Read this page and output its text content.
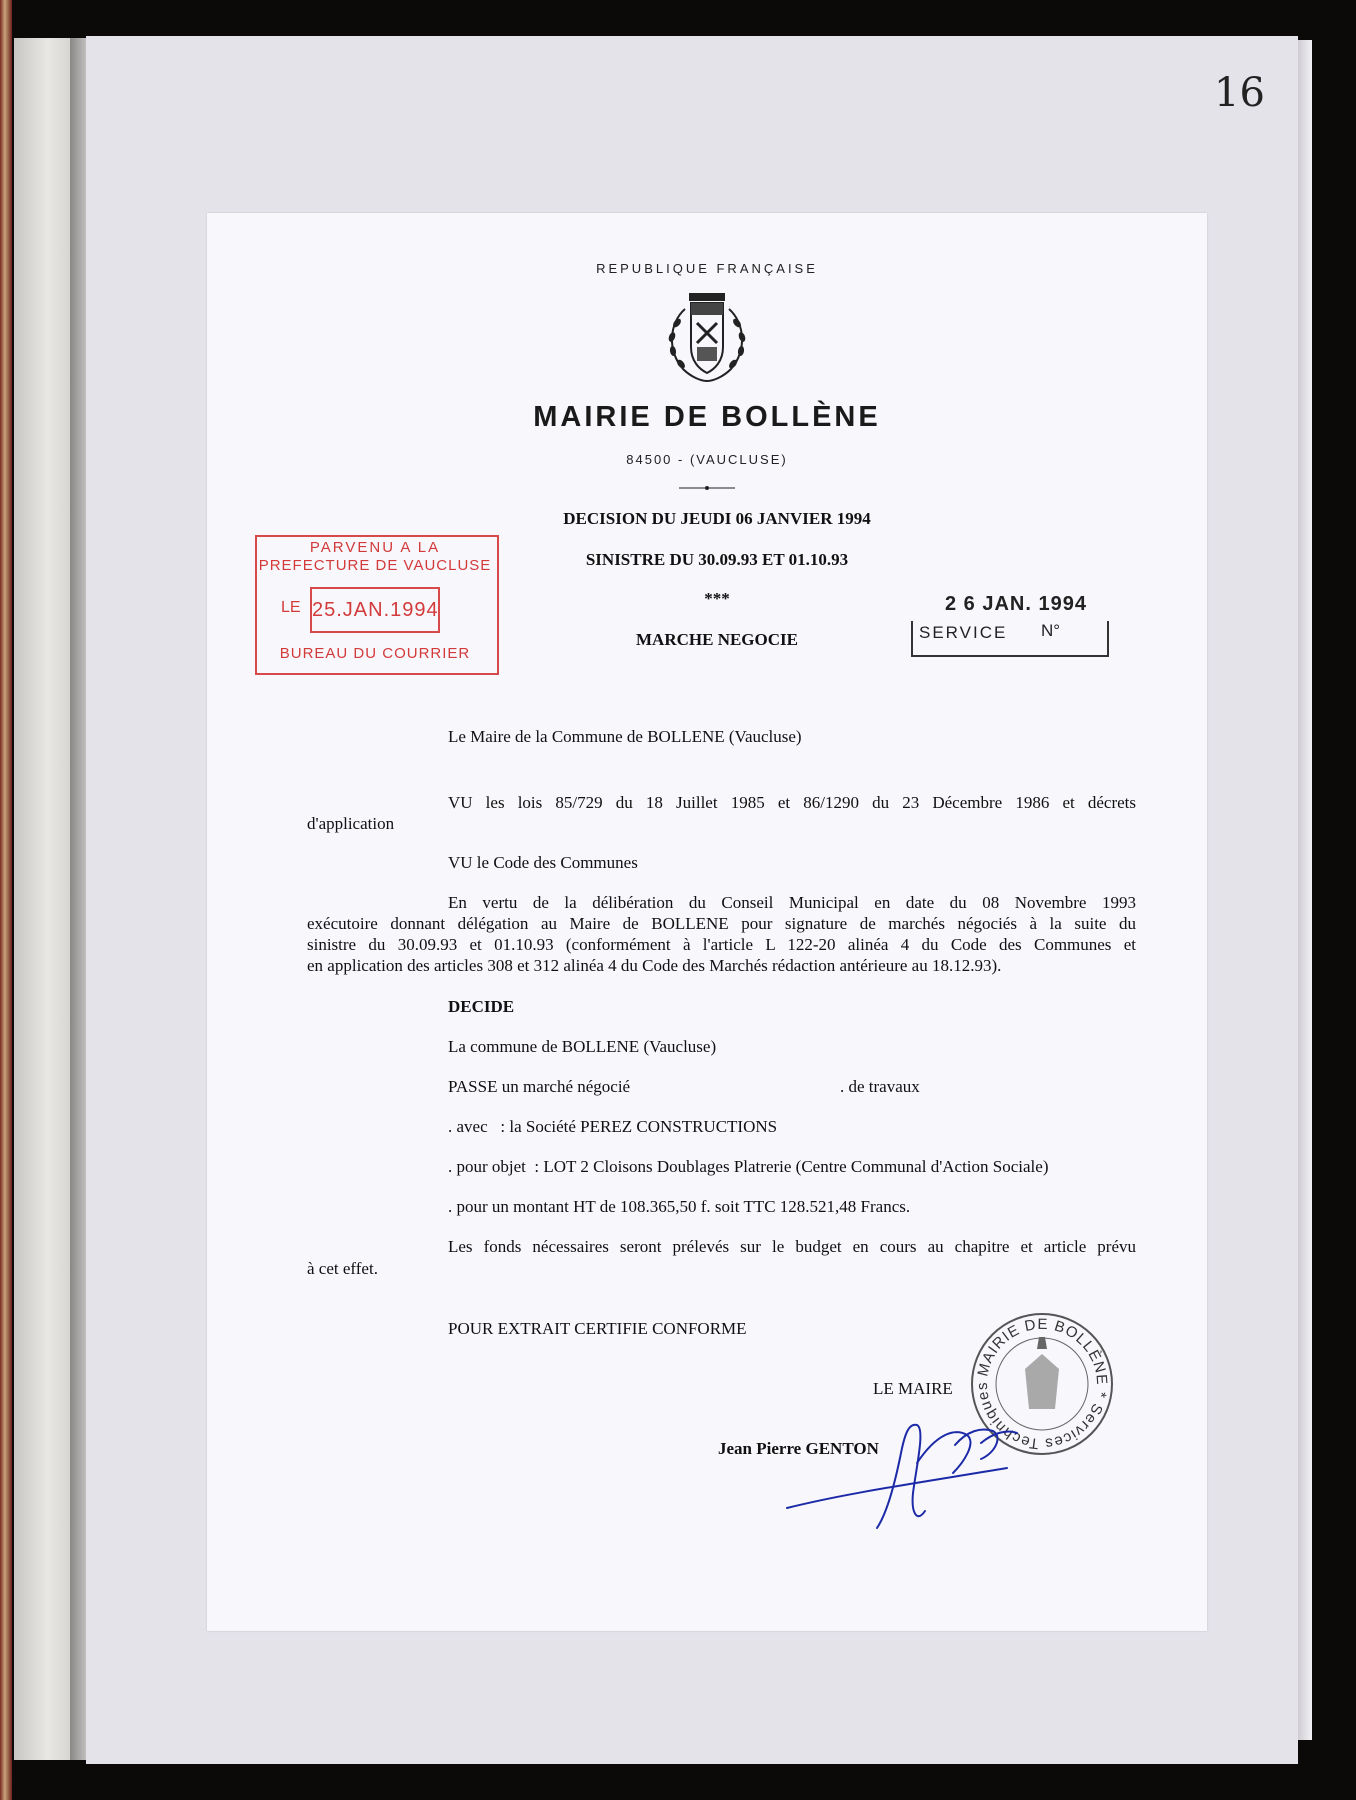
16
REPUBLIQUE FRANÇAISE
MAIRIE DE BOLLÈNE
84500 - (VAUCLUSE)
DECISION DU JEUDI 06 JANVIER 1994
SINISTRE DU 30.09.93 ET 01.10.93
***
MARCHE NEGOCIE
PARVENU A LA
PREFECTURE DE VAUCLUSE
LE 25.JAN.1994
BUREAU DU COURRIER
2 6 JAN. 1994
SERVICE N°
Le Maire de la Commune de BOLLENE (Vaucluse)
VU les lois 85/729 du 18 Juillet 1985 et 86/1290 du 23 Décembre 1986 et décrets
d'application
VU le Code des Communes
En vertu de la délibération du Conseil Municipal en date du 08 Novembre 1993
exécutoire donnant délégation au Maire de BOLLENE pour signature de marchés négociés à la suite du
sinistre du 30.09.93 et 01.10.93 (conformément à l'article L 122-20 alinéa 4 du Code des Communes et
en application des articles 308 et 312 alinéa 4 du Code des Marchés rédaction antérieure au 18.12.93).
DECIDE
La commune de BOLLENE (Vaucluse)
PASSE un marché négocié	. de travaux
. avec   : la Société PEREZ CONSTRUCTIONS
. pour objet  : LOT 2 Cloisons Doublages Platrerie (Centre Communal d'Action Sociale)
. pour un montant HT de 108.365,50 f. soit TTC 128.521,48 Francs.
Les fonds nécessaires seront prélevés sur le budget en cours au chapitre et article prévu
à cet effet.
POUR EXTRAIT CERTIFIE CONFORME
LE MAIRE
MAIRIE DE BOLLÈNE * Services Techniques
Jean Pierre GENTON
